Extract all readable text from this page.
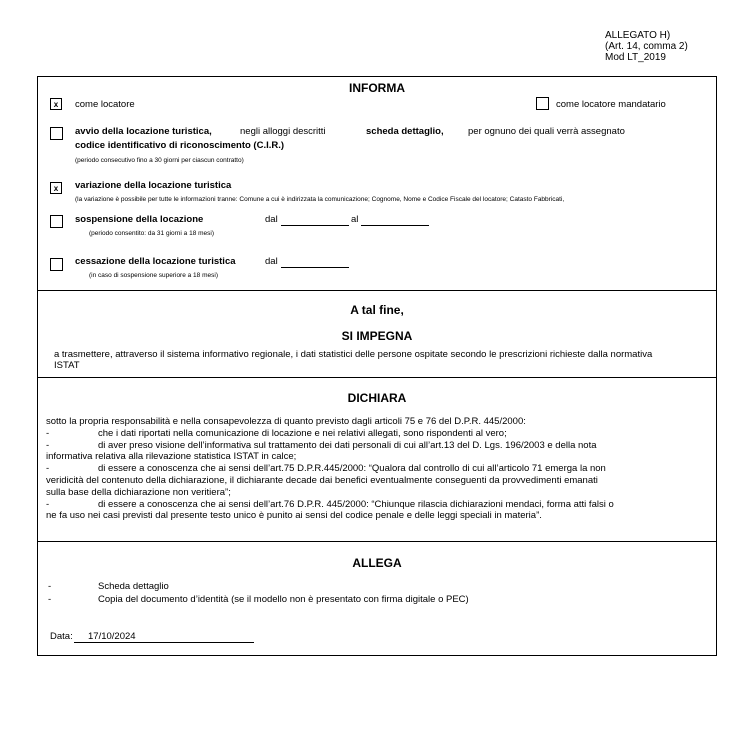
ALLEGATO H)
(Art. 14, comma 2)
Mod LT_2019
INFORMA
x	come locatore	come locatore mandatario
avvio della locazione turistica,	negli alloggi descritti	scheda dettaglio,	per ognuno dei quali verrà assegnato
codice identificativo di riconoscimento (C.I.R.)
(periodo consecutivo fino a 30 giorni per ciascun contratto)
x	variazione della locazione turistica
(la variazione è possibile per tutte le informazioni tranne: Comune a cui è indirizzata la comunicazione; Cognome, Nome e Codice Fiscale del locatore; Catasto Fabbricati,
sospensione della locazione	dal	al
(periodo consentito: da 31 giorni a 18 mesi)
cessazione della locazione turistica	dal
(in caso di sospensione superiore a 18 mesi)
A tal fine,
SI IMPEGNA
a trasmettere, attraverso il sistema informativo regionale, i dati statistici delle persone ospitate secondo le prescrizioni richieste dalla normativa
ISTAT
DICHIARA
sotto la propria responsabilità e nella consapevolezza di quanto previsto dagli articoli 75 e 76 del D.P.R. 445/2000:
-	che i dati riportati nella comunicazione di locazione e nei relativi allegati, sono rispondenti al vero;
-	di aver preso visione dell’informativa sul trattamento dei dati personali di cui all’art.13 del D. Lgs. 196/2003 e della nota
informativa relativa alla rilevazione statistica ISTAT in calce;
-	di essere a conoscenza che ai sensi dell’art.75 D.P.R.445/2000: “Qualora dal controllo di cui all’articolo 71 emerga la non
veridicità del contenuto della dichiarazione, il dichiarante decade dai benefici eventualmente conseguenti da provvedimenti emanati
sulla base della dichiarazione non veritiera”;
-	di essere a conoscenza che ai sensi dell’art.76 D.P.R. 445/2000: “Chiunque rilascia dichiarazioni mendaci, forma atti falsi o
ne fa uso nei casi previsti dal presente testo unico è punito ai sensi del codice penale e delle leggi speciali in materia”.
ALLEGA
-	Scheda dettaglio
-	Copia del documento d’identità (se il modello non è presentato con firma digitale o PEC)
Data:	17/10/2024
